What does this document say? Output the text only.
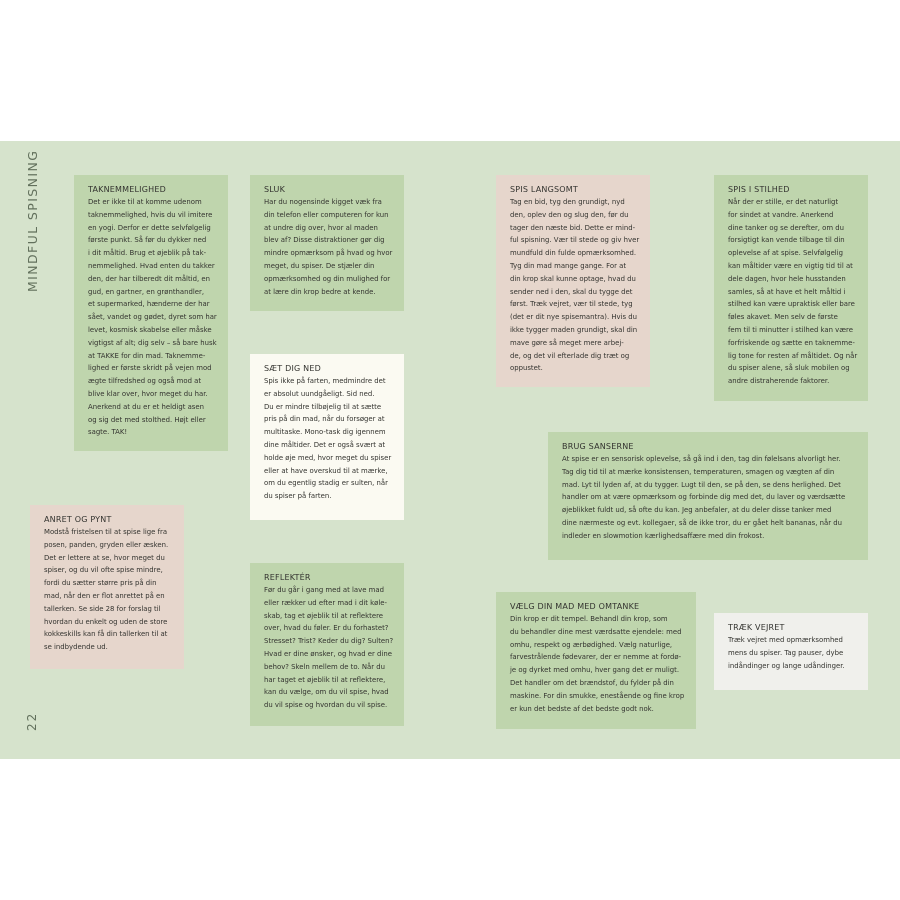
MINDFUL SPISNING
22
TAKNEMMELIGHED

Det er ikke til at komme udenom

taknemmelighed, hvis du vil imitere

en yogi. Derfor er dette selvfølgelig

første punkt. Så før du dykker ned

i dit måltid. Brug et øjeblik på tak-

nemmelighed. Hvad enten du takker

den, der har tilberedt dit måltid, en

gud, en gartner, en grønthandler,

et supermarked, hænderne der har

sået, vandet og gødet, dyret som har

levet, kosmisk skabelse eller måske

vigtigst af alt; dig selv – så bare husk

at TAKKE for din mad. Taknemme-

lighed er første skridt på vejen mod

ægte tilfredshed og også mod at

blive klar over, hvor meget du har.

Anerkend at du er et heldigt asen

og sig det med stolthed. Højt eller

sagte. TAK!

SLUK

Har du nogensinde kigget væk fra

din telefon eller computeren for kun

at undre dig over, hvor al maden

blev af? Disse distraktioner gør dig

mindre opmærksom på hvad og hvor

meget, du spiser. De stjæler din

opmærksomhed og din mulighed for

at lære din krop bedre at kende.

SPIS LANGSOMT

Tag en bid, tyg den grundigt, nyd

den, oplev den og slug den, før du

tager den næste bid. Dette er mind-

ful spisning. Vær til stede og giv hver

mundfuld din fulde opmærksomhed.

Tyg din mad mange gange. For at

din krop skal kunne optage, hvad du

sender ned i den, skal du tygge det

først. Træk vejret, vær til stede, tyg

(det er dit nye spisemantra). Hvis du

ikke tygger maden grundigt, skal din

mave gøre så meget mere arbej-

de, og det vil efterlade dig træt og

oppustet.

SPIS I STILHED

Når der er stille, er det naturligt

for sindet at vandre. Anerkend

dine tanker og se derefter, om du

forsigtigt kan vende tilbage til din

oplevelse af at spise. Selvfølgelig

kan måltider være en vigtig tid til at

dele dagen, hvor hele husstanden

samles, så at have et helt måltid i

stilhed kan være upraktisk eller bare

føles akavet. Men selv de første

fem til ti minutter i stilhed kan være

forfriskende og sætte en taknemme-

lig tone for resten af måltidet. Og når

du spiser alene, så sluk mobilen og

andre distraherende faktorer.

SÆT DIG NED

Spis ikke på farten, medmindre det

er absolut uundgåeligt. Sid ned.

Du er mindre tilbøjelig til at sætte

pris på din mad, når du forsøger at

multitaske. Mono-task dig igennem

dine måltider. Det er også svært at

holde øje med, hvor meget du spiser

eller at have overskud til at mærke,

om du egentlig stadig er sulten, når

du spiser på farten.

BRUG SANSERNE

At spise er en sensorisk oplevelse, så gå ind i den, tag din følelsans alvorligt her.

Tag dig tid til at mærke konsistensen, temperaturen, smagen og vægten af din

mad. Lyt til lyden af, at du tygger. Lugt til den, se på den, se dens herlighed. Det

handler om at være opmærksom og forbinde dig med det, du laver og værdsætte

øjeblikket fuldt ud, så ofte du kan. Jeg anbefaler, at du deler disse tanker med

dine nærmeste og evt. kollegaer, så de ikke tror, du er gået helt bananas, når du

indleder en slowmotion kærlighedsaffære med din frokost.

ANRET OG PYNT

Modstå fristelsen til at spise lige fra

posen, panden, gryden eller æsken.

Det er lettere at se, hvor meget du

spiser, og du vil ofte spise mindre,

fordi du sætter større pris på din

mad, når den er flot anrettet på en

tallerken. Se side 28 for forslag til

hvordan du enkelt og uden de store

kokkeskills kan få din tallerken til at

se indbydende ud.

REFLEKTÉR

Før du går i gang med at lave mad

eller rækker ud efter mad i dit køle-

skab, tag et øjeblik til at reflektere

over, hvad du føler. Er du forhastet?

Stresset? Trist? Keder du dig? Sulten?

Hvad er dine ønsker, og hvad er dine

behov? Skeln mellem de to. Når du

har taget et øjeblik til at reflektere,

kan du vælge, om du vil spise, hvad

du vil spise og hvordan du vil spise.

VÆLG DIN MAD MED OMTANKE

Din krop er dit tempel. Behandl din krop, som

du behandler dine mest værdsatte ejendele: med

omhu, respekt og ærbødighed. Vælg naturlige,

farvestrålende fødevarer, der er nemme at fordø-

je og dyrket med omhu, hver gang det er muligt.

Det handler om det brændstof, du fylder på din

maskine. For din smukke, enestående og fine krop

er kun det bedste af det bedste godt nok.

TRÆK VEJRET

Træk vejret med opmærksomhed

mens du spiser. Tag pauser, dybe

indåndinger og lange udåndinger.
